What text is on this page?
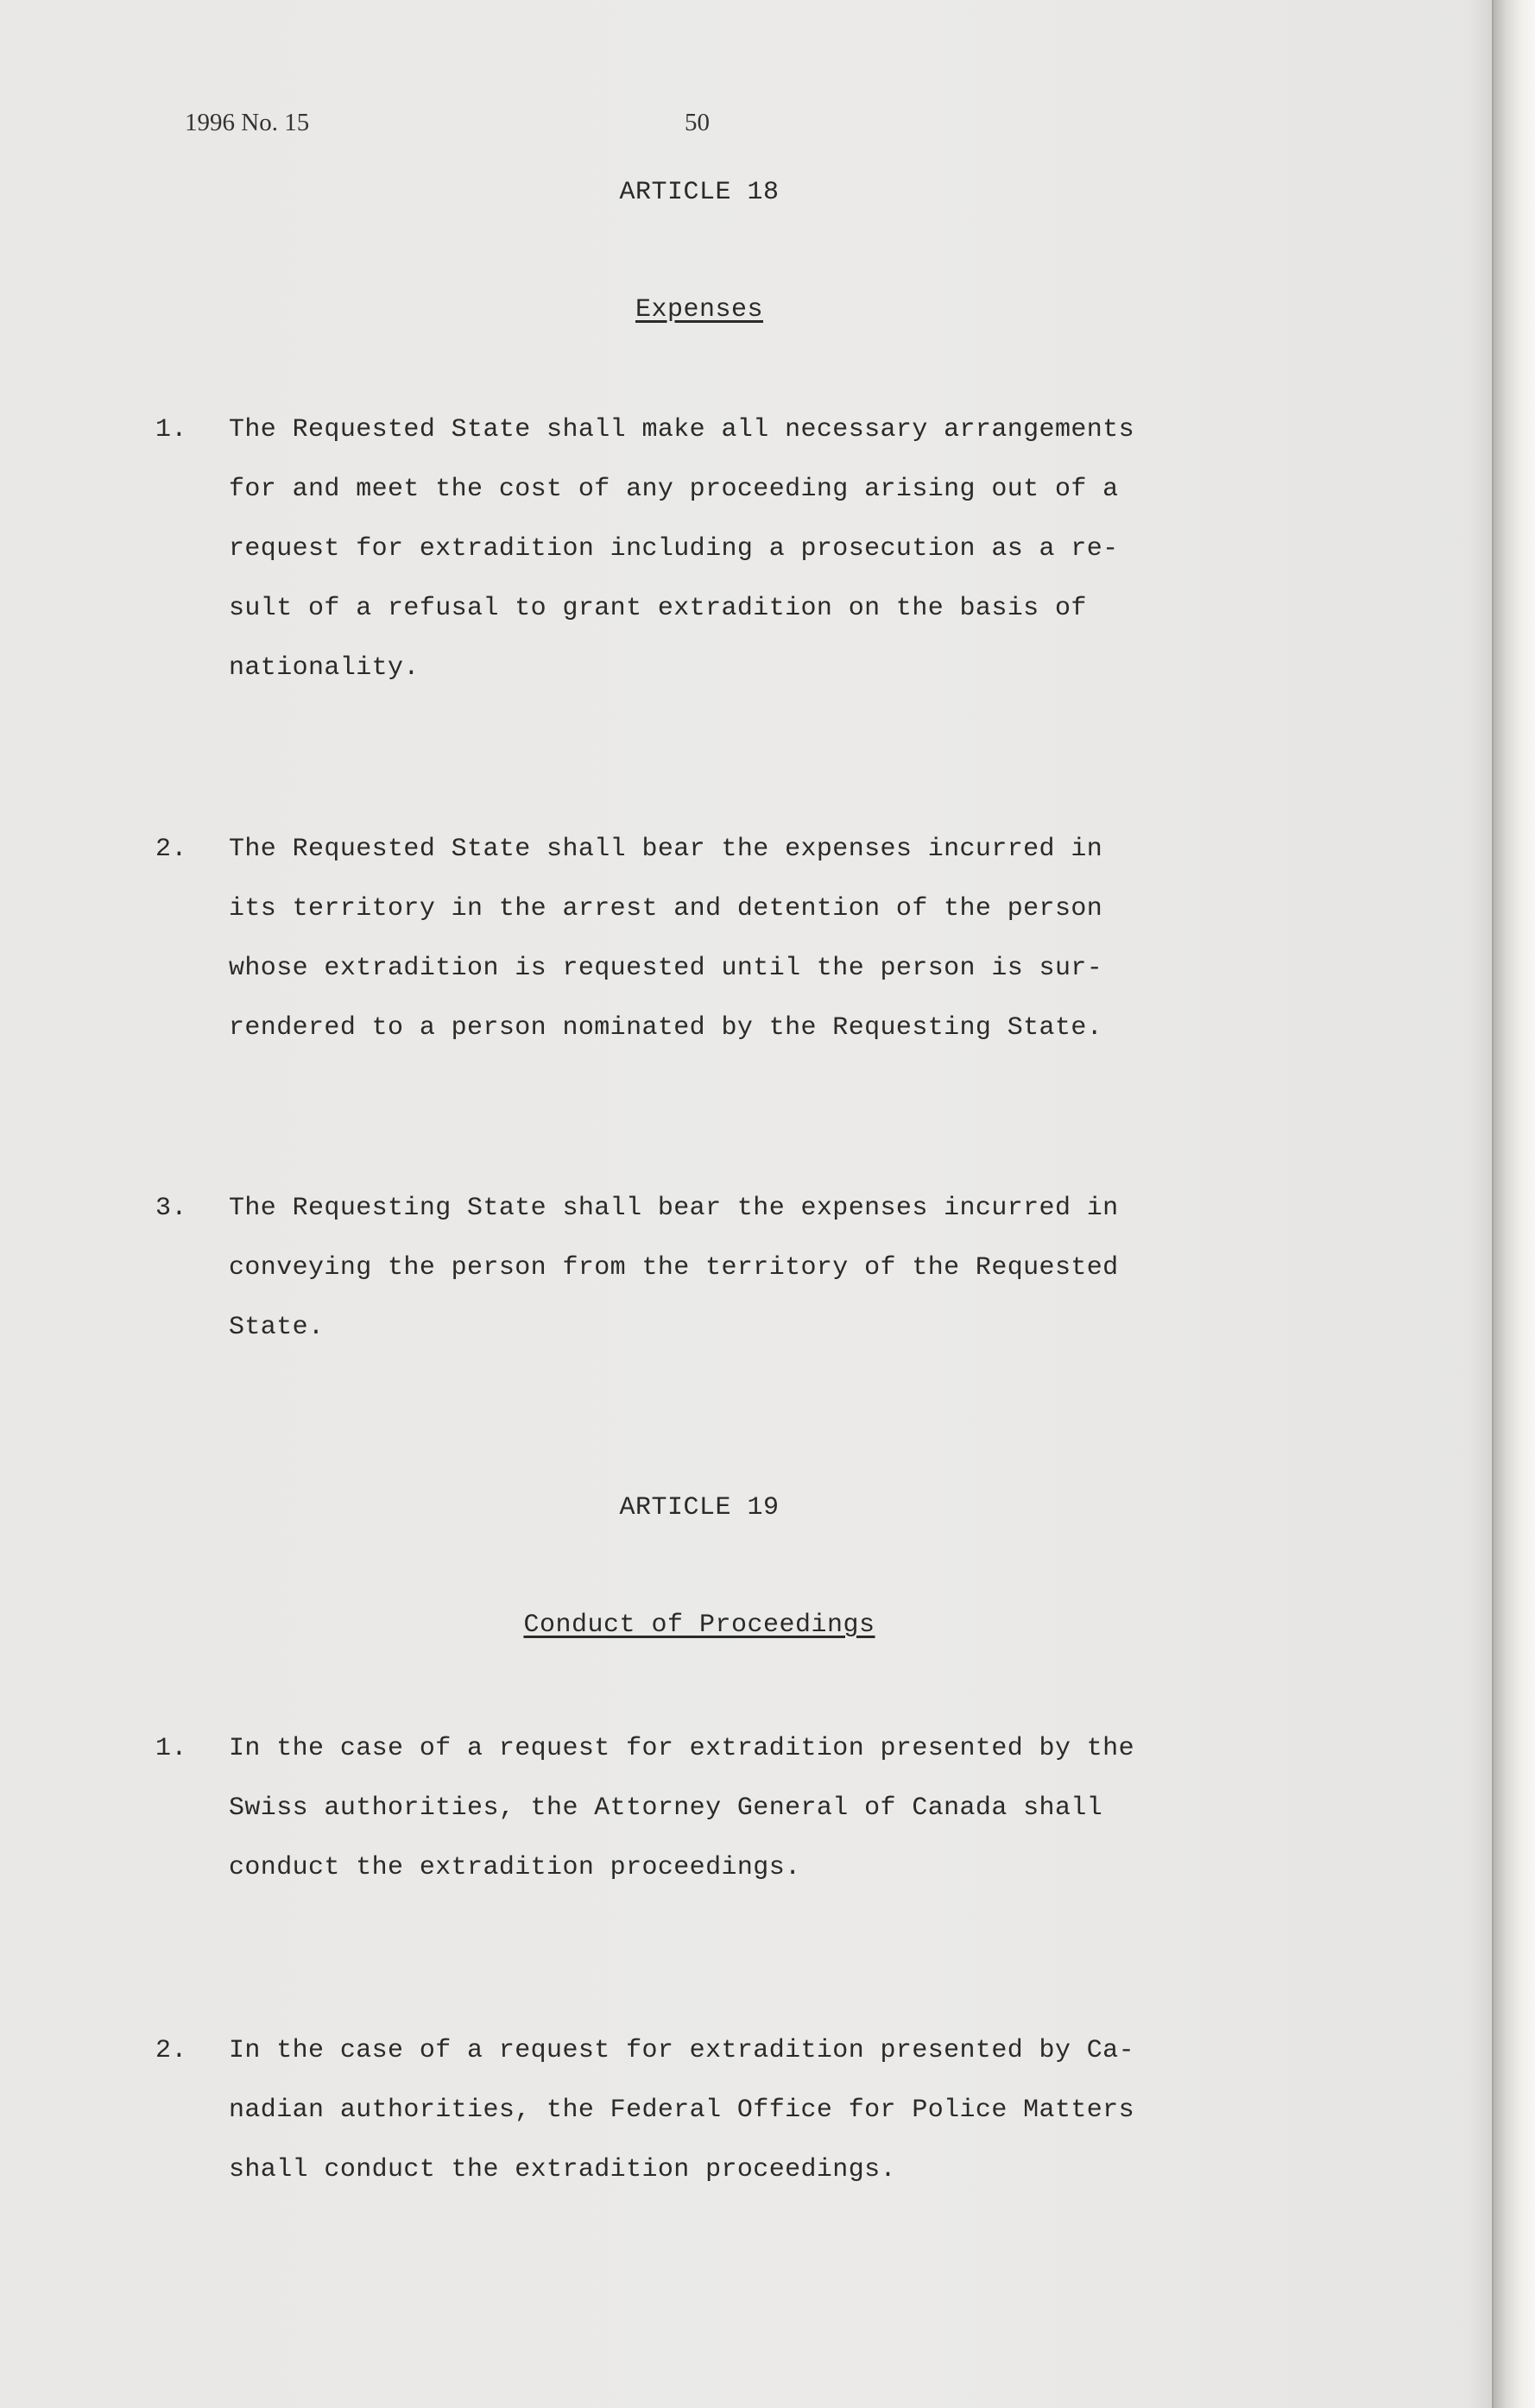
1996 No. 15	50
ARTICLE 18
Expenses
1.	The Requested State shall make all necessary arrangements
for and meet the cost of any proceeding arising out of a
request for extradition including a prosecution as a re-
sult of a refusal to grant extradition on the basis of
nationality.
2.	The Requested State shall bear the expenses incurred in
its territory in the arrest and detention of the person
whose extradition is requested until the person is sur-
rendered to a person nominated by the Requesting State.
3.	The Requesting State shall bear the expenses incurred in
conveying the person from the territory of the Requested
State.
ARTICLE 19
Conduct of Proceedings
1.	In the case of a request for extradition presented by the
Swiss authorities, the Attorney General of Canada shall
conduct the extradition proceedings.
2.	In the case of a request for extradition presented by Ca-
nadian authorities, the Federal Office for Police Matters
shall conduct the extradition proceedings.
